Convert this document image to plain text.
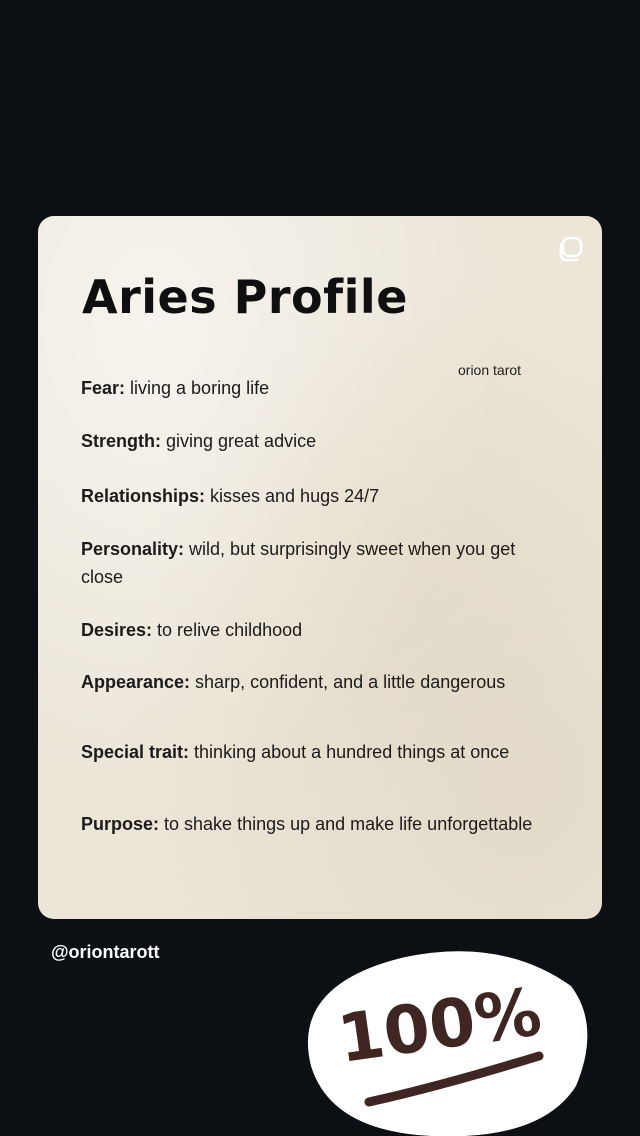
Aries Profile
orion tarot
Fear: living a boring life
Strength: giving great advice
Relationships: kisses and hugs 24/7
Personality: wild, but surprisingly sweet when you get close
Desires: to relive childhood
Appearance: sharp, confident, and a little dangerous
Special trait: thinking about a hundred things at once
Purpose: to shake things up and make life unforgettable
@oriontarott
100%
